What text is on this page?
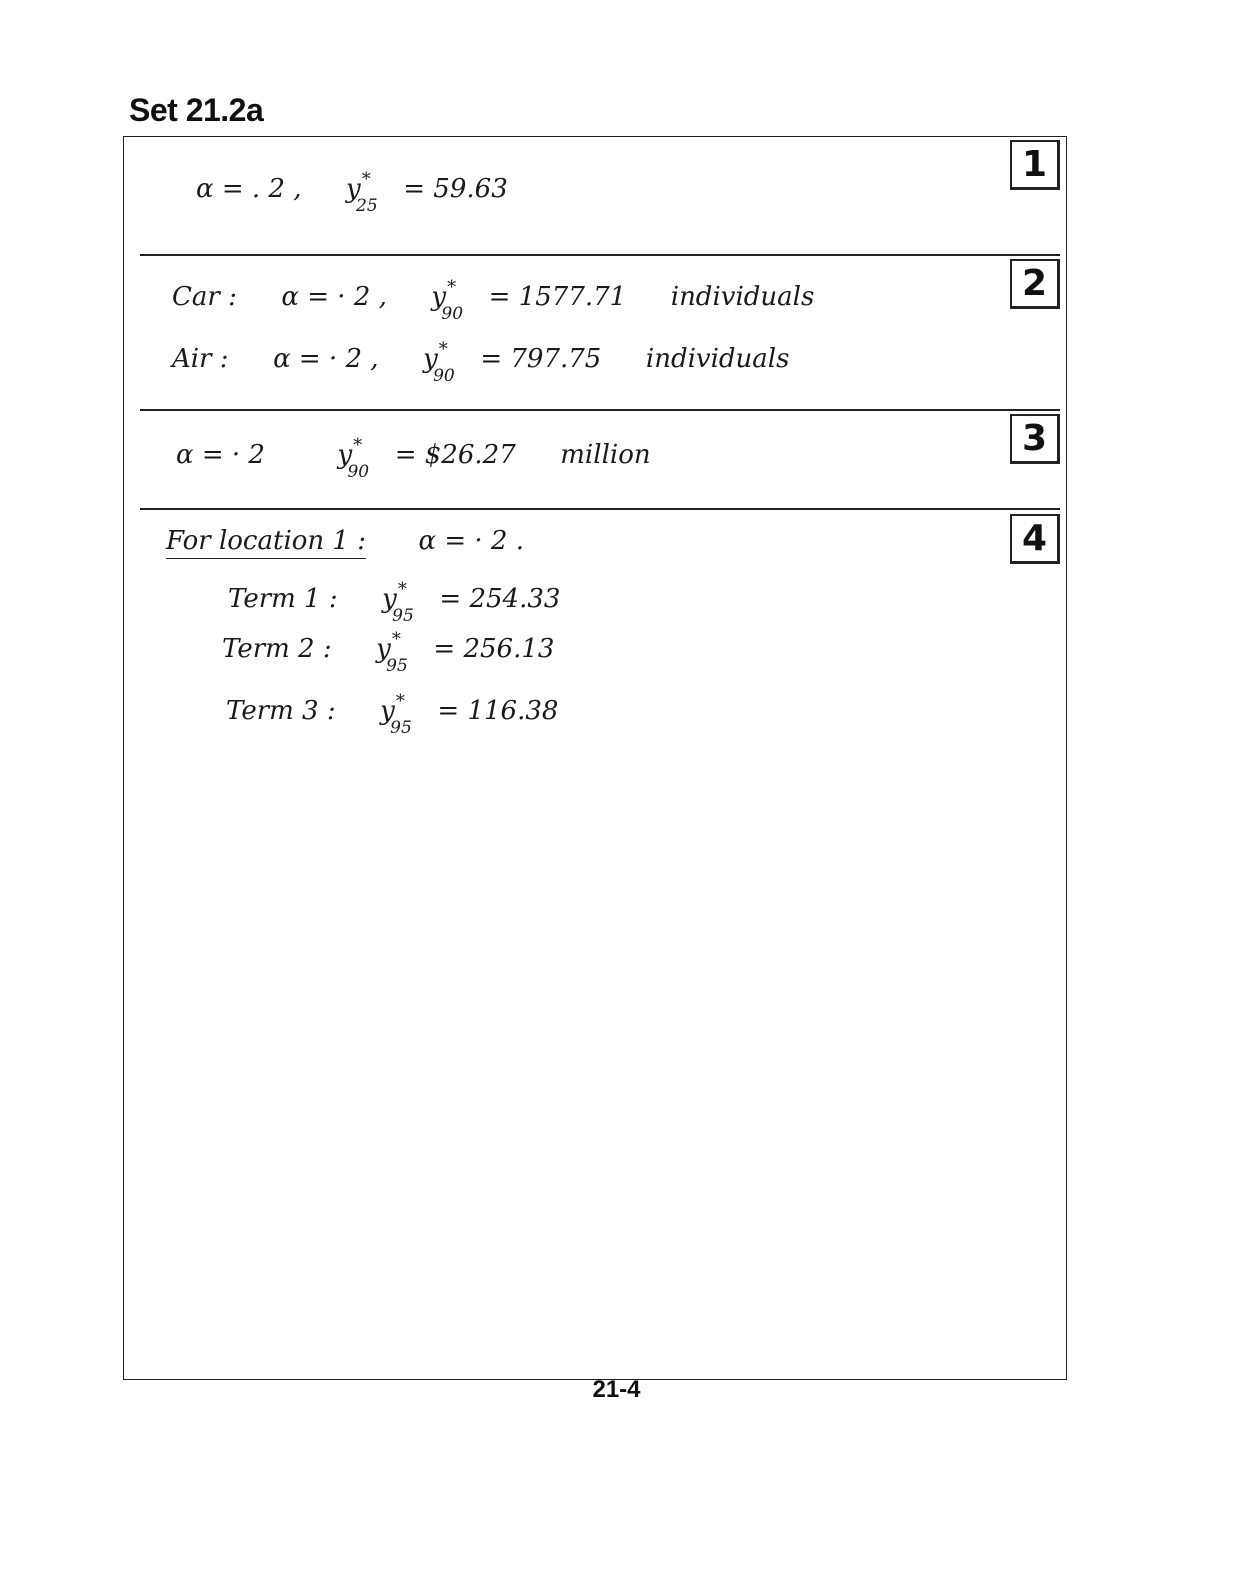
Set 21.2a
1
2
3
4
α = . 2 , y*
25
= 59.63
Car : α = · 2 , y*
90
= 1577.71 individuals
Air : α = · 2 , y*
90
= 797.75 individuals
α = · 2	y*
90
= $26.27 million
For location 1 : α = · 2 .
Term 1 : y*
95
= 254.33
Term 2 : y*
95
= 256.13
Term 3 : y*
95
= 116.38
21-4
